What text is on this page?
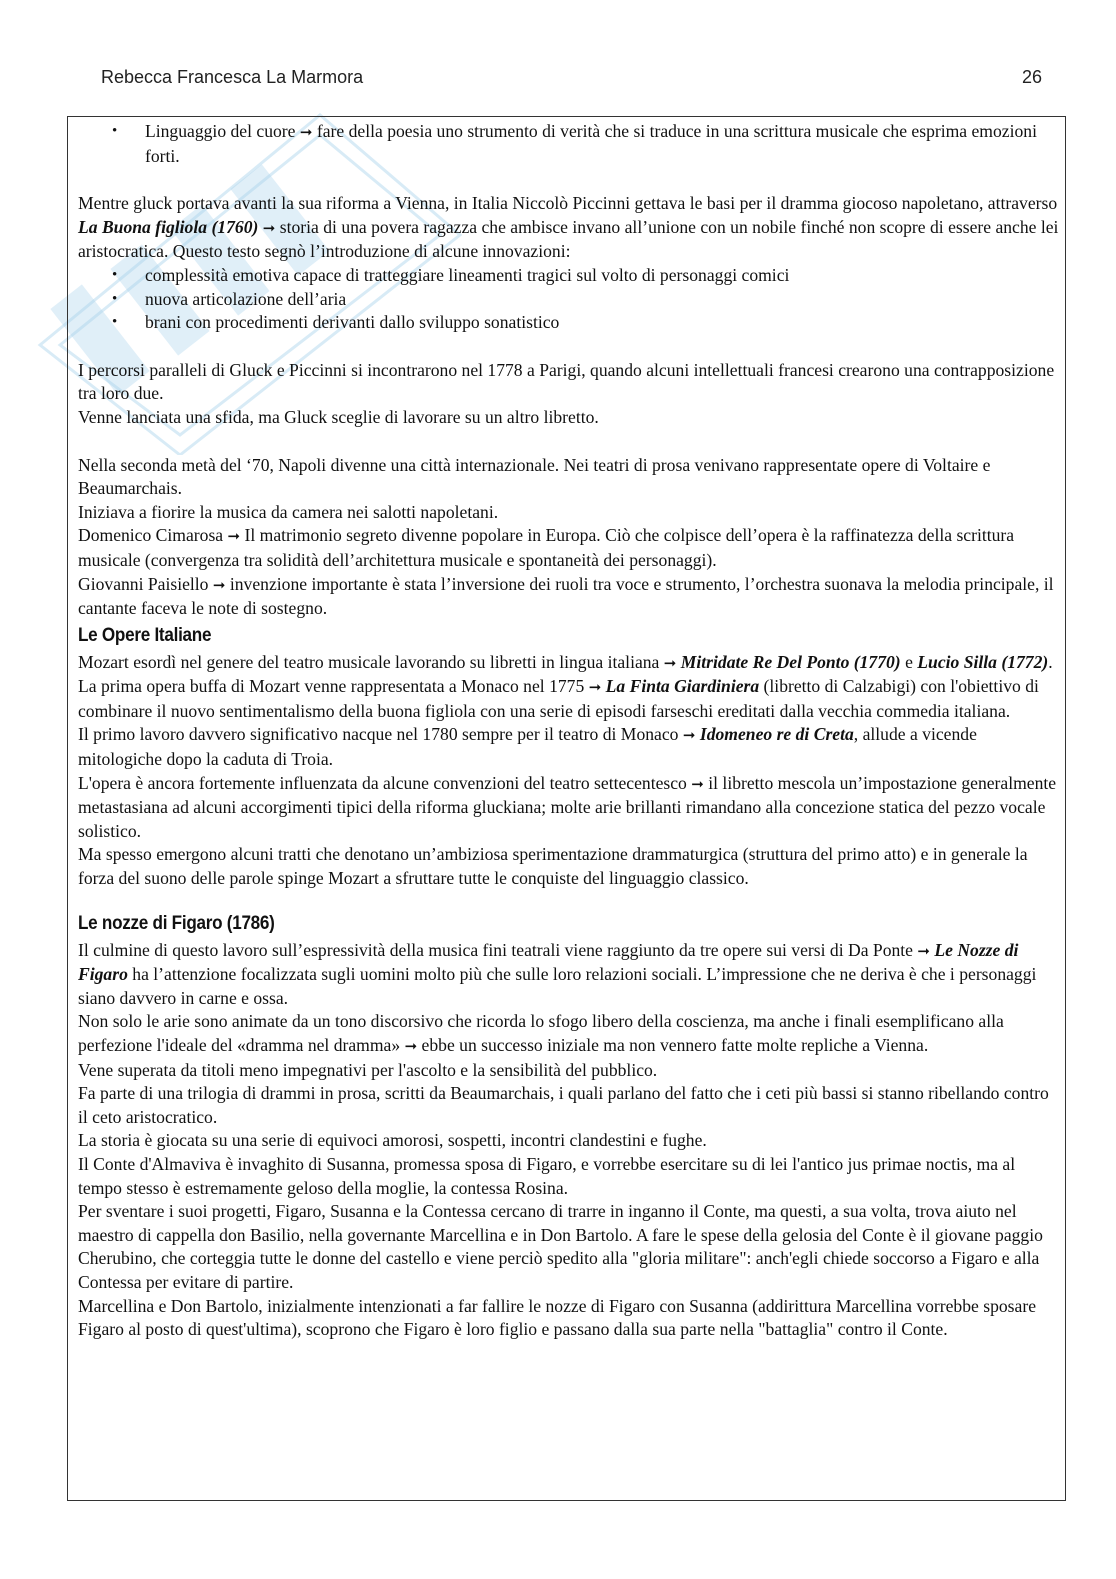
Rebecca Francesca La Marmora	26
• Linguaggio del cuore ➞ fare della poesia uno strumento di verità che si traduce in una scrittura musicale che esprima emozioni forti.

Mentre gluck portava avanti la sua riforma a Vienna, in Italia Niccolò Piccinni gettava le basi per il dramma giocoso napoletano, attraverso La Buona figliola (1760) ➞ storia di una povera ragazza che ambisce invano all’unione con un nobile finché non scopre di essere anche lei aristocratica. Questo testo segnò l’introduzione di alcune innovazioni:

• complessità emotiva capace di tratteggiare lineamenti tragici sul volto di personaggi comici
• nuova articolazione dell’aria
• brani con procedimenti derivanti dallo sviluppo sonatistico

I percorsi paralleli di Gluck e Piccinni si incontrarono nel 1778 a Parigi, quando alcuni intellettuali francesi crearono una contrapposizione tra loro due.

Venne lanciata una sfida, ma Gluck sceglie di lavorare su un altro libretto.

Nella seconda metà del ‘70, Napoli divenne una città internazionale. Nei teatri di prosa venivano rappresentate opere di Voltaire e Beaumarchais.

Iniziava a fiorire la musica da camera nei salotti napoletani.

Domenico Cimarosa ➞ Il matrimonio segreto divenne popolare in Europa. Ciò che colpisce dell’opera è la raffinatezza della scrittura musicale (convergenza tra solidità dell’architettura musicale e spontaneità dei personaggi).

Giovanni Paisiello ➞ invenzione importante è stata l’inversione dei ruoli tra voce e strumento, l’orchestra suonava la melodia principale, il cantante faceva le note di sostegno.

Le Opere Italiane

Mozart esordì nel genere del teatro musicale lavorando su libretti in lingua italiana ➞ Mitridate Re Del Ponto (1770) e Lucio Silla (1772).

La prima opera buffa di Mozart venne rappresentata a Monaco nel 1775 ➞ La Finta Giardiniera (libretto di Calzabigi) con l'obiettivo di combinare il nuovo sentimentalismo della buona figliola con una serie di episodi farseschi ereditati dalla vecchia commedia italiana.

Il primo lavoro davvero significativo nacque nel 1780 sempre per il teatro di Monaco ➞ Idomeneo re di Creta, allude a vicende mitologiche dopo la caduta di Troia.

L'opera è ancora fortemente influenzata da alcune convenzioni del teatro settecentesco ➞ il libretto mescola un’impostazione generalmente metastasiana ad alcuni accorgimenti tipici della riforma gluckiana; molte arie brillanti rimandano alla concezione statica del pezzo vocale solistico.

Ma spesso emergono alcuni tratti che denotano un’ambiziosa sperimentazione drammaturgica (struttura del primo atto) e in generale la forza del suono delle parole spinge Mozart a sfruttare tutte le conquiste del linguaggio classico.

Le nozze di Figaro (1786)

Il culmine di questo lavoro sull’espressività della musica fini teatrali viene raggiunto da tre opere sui versi di Da Ponte ➞ Le Nozze di Figaro ha l’attenzione focalizzata sugli uomini molto più che sulle loro relazioni sociali. L’impressione che ne deriva è che i personaggi siano davvero in carne e ossa.

Non solo le arie sono animate da un tono discorsivo che ricorda lo sfogo libero della coscienza, ma anche i finali esemplificano alla perfezione l'ideale del «dramma nel dramma» ➞ ebbe un successo iniziale ma non vennero fatte molte repliche a Vienna.

Vene superata da titoli meno impegnativi per l'ascolto e la sensibilità del pubblico.

Fa parte di una trilogia di drammi in prosa, scritti da Beaumarchais, i quali parlano del fatto che i ceti più bassi si stanno ribellando contro il ceto aristocratico.

La storia è giocata su una serie di equivoci amorosi, sospetti, incontri clandestini e fughe.

Il Conte d'Almaviva è invaghito di Susanna, promessa sposa di Figaro, e vorrebbe esercitare su di lei l'antico jus primae noctis, ma al tempo stesso è estremamente geloso della moglie, la contessa Rosina.

Per sventare i suoi progetti, Figaro, Susanna e la Contessa cercano di trarre in inganno il Conte, ma questi, a sua volta, trova aiuto nel maestro di cappella don Basilio, nella governante Marcellina e in Don Bartolo. A fare le spese della gelosia del Conte è il giovane paggio Cherubino, che corteggia tutte le donne del castello e viene perciò spedito alla "gloria militare": anch'egli chiede soccorso a Figaro e alla Contessa per evitare di partire.

Marcellina e Don Bartolo, inizialmente intenzionati a far fallire le nozze di Figaro con Susanna (addirittura Marcellina vorrebbe sposare Figaro al posto di quest'ultima), scoprono che Figaro è loro figlio e passano dalla sua parte nella "battaglia" contro il Conte.
